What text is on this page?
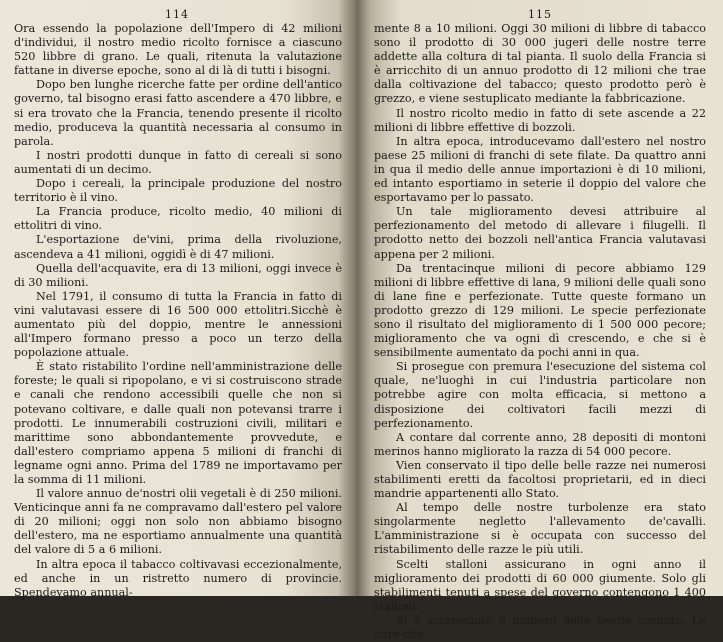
114

Ora essendo la popolazione dell'Impero di 42 milioni d'individui, il nostro medio ricolto fornisce a ciascuno 520 libbre di grano. Le quali, ritenuta la valutazione fattane in diverse epoche, sono al di là di tutti i bisogni.

Dopo ben lunghe ricerche fatte per ordine dell'antico governo, tal bisogno erasi fatto ascendere a 470 libbre, e si era trovato che la Francia, tenendo presente il ricolto medio, produceva la quantità necessaria al consumo in parola.

I nostri prodotti dunque in fatto di cereali si sono aumentati di un decimo.

Dopo i cereali, la principale produzione del nostro territorio è il vino.

La Francia produce, ricolto medio, 40 milioni di ettolitri di vino.

L'esportazione de'vini, prima della rivoluzione, ascendeva a 41 milioni, oggidì è di 47 milioni.

Quella dell'acquavite, era di 13 milioni, oggi invece è di 30 milioni.

Nel 1791, il consumo di tutta la Francia in fatto di vini valutavasi essere di 16 500 000 ettolitri.Sicchè è aumentato più del doppio, mentre le annessioni all'Impero formano presso a poco un terzo della popolazione attuale.

È stato ristabilito l'ordine nell'amministrazione delle foreste; le quali si ripopolano, e vi si costruiscono strade e canali che rendono accessibili quelle che non si potevano coltivare, e dalle quali non potevansi trarre i prodotti. Le innumerabili costruzioni civili, militari e marittime sono abbondantemente provvedute, e dall'estero compriamo appena 5 milioni di franchi di legname ogni anno. Prima del 1789 ne importavamo per la somma di 11 milioni.

Il valore annuo de'nostri olii vegetali è di 250 milioni. Venticinque anni fa ne compravamo dall'estero pel valore di 20 milioni; oggi non solo non abbiamo bisogno dell'estero, ma ne esportiamo annualmente una quantità del valore di 5 a 6 milioni.

In altra epoca il tabacco coltivavasi eccezionalmente, ed anche in un ristretto numero di provincie. Spendevamo annual-

115

mente 8 a 10 milioni. Oggi 30 milioni di libbre di tabacco sono il prodotto di 30 000 jugeri delle nostre terre addette alla coltura di tal pianta. Il suolo della Francia si è arricchito di un annuo prodotto di 12 milioni che trae dalla coltivazione del tabacco; questo prodotto però è grezzo, e viene sestuplicato mediante la fabbricazione.

Il nostro ricolto medio in fatto di sete ascende a 22 milioni di libbre effettive di bozzoli.

In altra epoca, introducevamo dall'estero nel nostro paese 25 milioni di franchi di sete filate. Da quattro anni in qua il medio delle annue importazioni è di 10 milioni, ed intanto esportiamo in seterie il doppio del valore che esportavamo per lo passato.

Un tale miglioramento devesi attribuire al perfezionamento del metodo di allevare i filugelli. Il prodotto netto dei bozzoli nell'antica Francia valutavasi appena per 2 milioni.

Da trentacinque milioni di pecore abbiamo 129 milioni di libbre effettive di lana, 9 milioni delle quali sono di lane fine e perfezionate. Tutte queste formano un prodotto grezzo di 129 milioni. Le specie perfezionate sono il risultato del miglioramento di 1 500 000 pecore; miglioramento che va ogni dì crescendo, e che si è sensibilmente aumentato da pochi anni in qua.

Si prosegue con premura l'esecuzione del sistema col quale, ne'luoghi in cui l'industria particolare non potrebbe agire con molta efficacia, si mettono a disposizione dei coltivatori facili mezzi di perfezionamento.

A contare dal corrente anno, 28 depositi di montoni merinos hanno migliorato la razza di 54 000 pecore.

Vien conservato il tipo delle belle razze nei numerosi stabilimenti eretti da facoltosi proprietarii, ed in dieci mandrie appartenenti allo Stato.

Al tempo delle nostre turbolenze era stato singolarmente negletto l'allevamento de'cavalli. L'amministrazione si è occupata con successo del ristabilimento delle razze le più utili.

Scelti stalloni assicurano in ogni anno il miglioramento dei prodotti di 60 000 giumente. Solo gli stabilimenti tenuti a spese del governo contengono 1 400 stalloni.

Si è accresciuto il numero delle bestie cornute. Le cure che
